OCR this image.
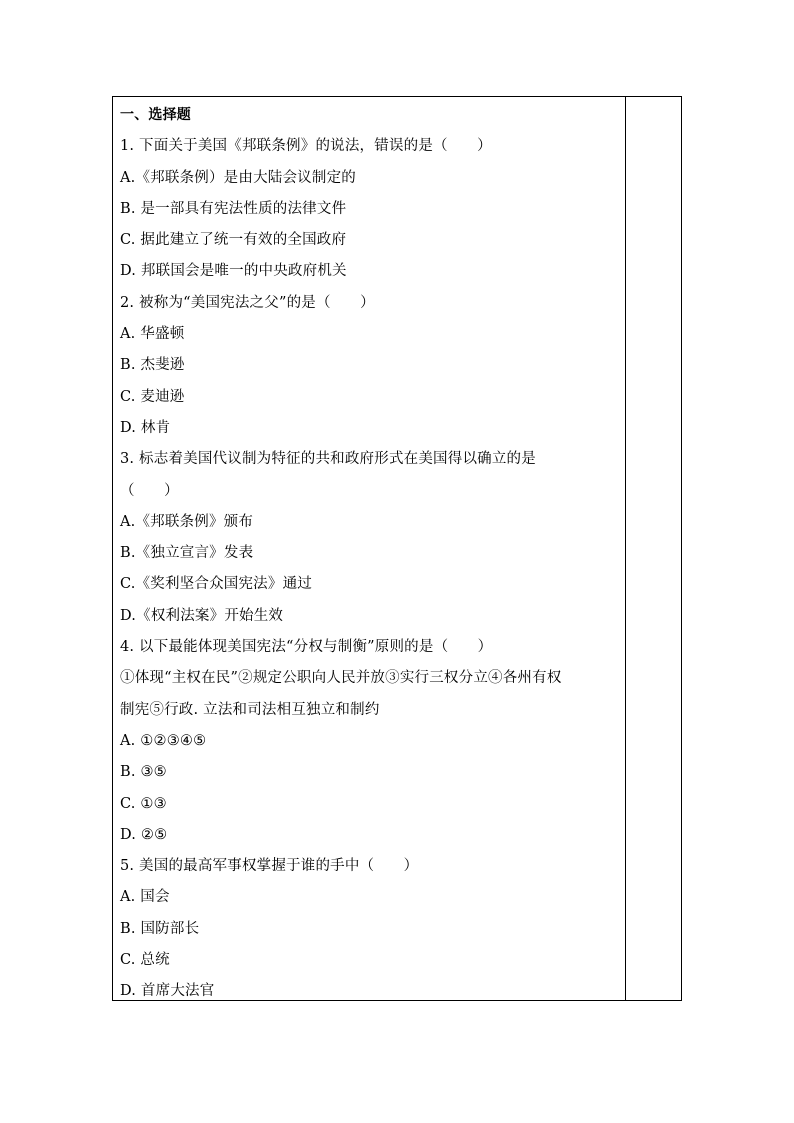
一、选择题
1. 下面关于美国《邦联条例》的说法，错误的是（　　）
A.《邦联条例）是由大陆会议制定的
B. 是一部具有宪法性质的法律文件
C. 据此建立了统一有效的全国政府
D. 邦联国会是唯一的中央政府机关
2. 被称为“美国宪法之父”的是（　　）
A. 华盛顿
B. 杰斐逊
C. 麦迪逊
D. 林肯
3. 标志着美国代议制为特征的共和政府形式在美国得以确立的是
（　　）
A.《邦联条例》颁布
B.《独立宣言》发表
C.《奖利坚合众国宪法》通过
D.《权利法案》开始生效
4. 以下最能体现美国宪法“分权与制衡”原则的是（　　）
①体现“主权在民”②规定公职向人民并放③实行三权分立④各州有权
制宪⑤行政. 立法和司法相互独立和制约
A. ①②③④⑤
B. ③⑤
C. ①③
D. ②⑤
5. 美国的最高军事权掌握于谁的手中（　　）
A. 国会
B. 国防部长
C. 总统
D. 首席大法官
